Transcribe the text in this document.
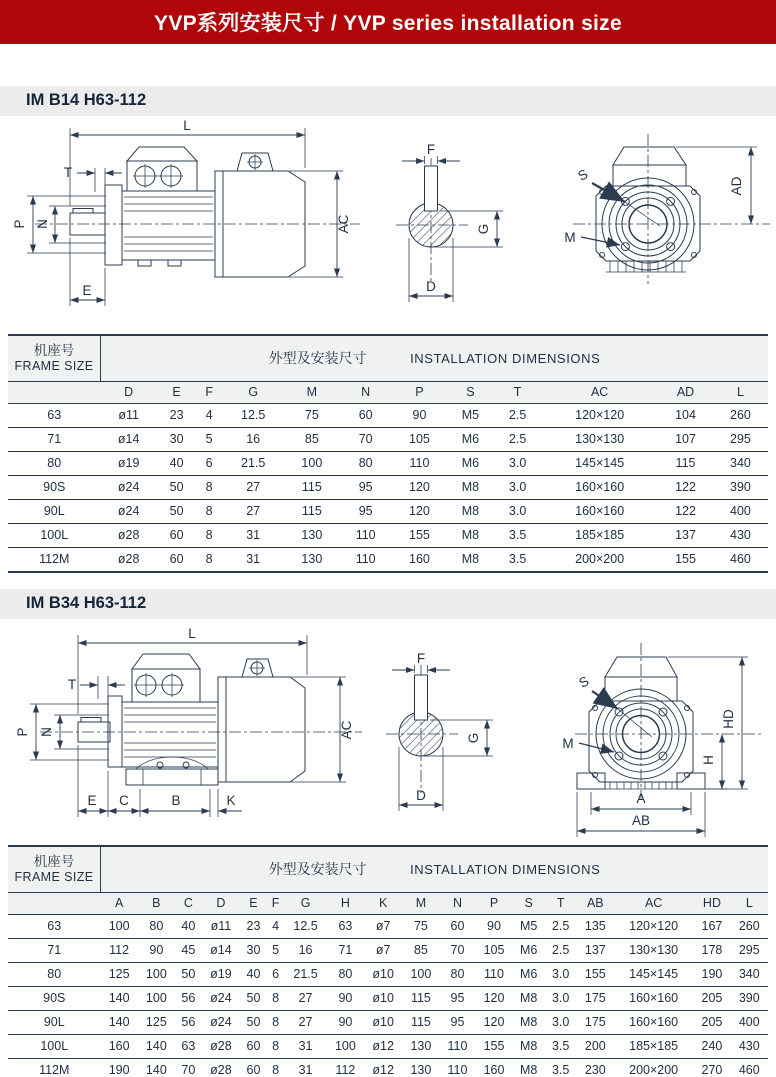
YVP系列安装尺寸 / YVP series installation size
IM B14 H63-112
L
T
P N
E
AC
F
G
D
S
M
AD
机座号
FRAME SIZE	外型及安装尺寸 INSTALLATION DIMENSIONS											
	D	E	F	G	M	N	P	S	T	AC	AD	L
63	ø11	23	4	12.5	75	60	90	M5	2.5	120×120	104	260
71	ø14	30	5	16	85	70	105	M6	2.5	130×130	107	295
80	ø19	40	6	21.5	100	80	110	M6	3.0	145×145	115	340
90S	ø24	50	8	27	115	95	120	M8	3.0	160×160	122	390
90L	ø24	50	8	27	115	95	120	M8	3.0	160×160	122	400
100L	ø28	60	8	31	130	110	155	M8	3.5	185×185	137	430
112M	ø28	60	8	31	130	110	160	M8	3.5	200×200	155	460
IM B34 H63-112
L
T
P N
E C	B	K
AC
F
G
D
S
M
A
AB
H
HD
机座号
FRAME SIZE	外型及安装尺寸 INSTALLATION DIMENSIONS																	
	A	B	C	D	E	F	G	H	K	M	N	P	S	T	AB	AC	HD	L
63	100	80	40	ø11	23	4	12.5	63	ø7	75	60	90	M5	2.5	135	120×120	167	260
71	112	90	45	ø14	30	5	16	71	ø7	85	70	105	M6	2.5	137	130×130	178	295
80	125	100	50	ø19	40	6	21.5	80	ø10	100	80	110	M6	3.0	155	145×145	190	340
90S	140	100	56	ø24	50	8	27	90	ø10	115	95	120	M8	3.0	175	160×160	205	390
90L	140	125	56	ø24	50	8	27	90	ø10	115	95	120	M8	3.0	175	160×160	205	400
100L	160	140	63	ø28	60	8	31	100	ø12	130	110	155	M8	3.5	200	185×185	240	430
112M	190	140	70	ø28	60	8	31	112	ø12	130	110	160	M8	3.5	230	200×200	270	460
